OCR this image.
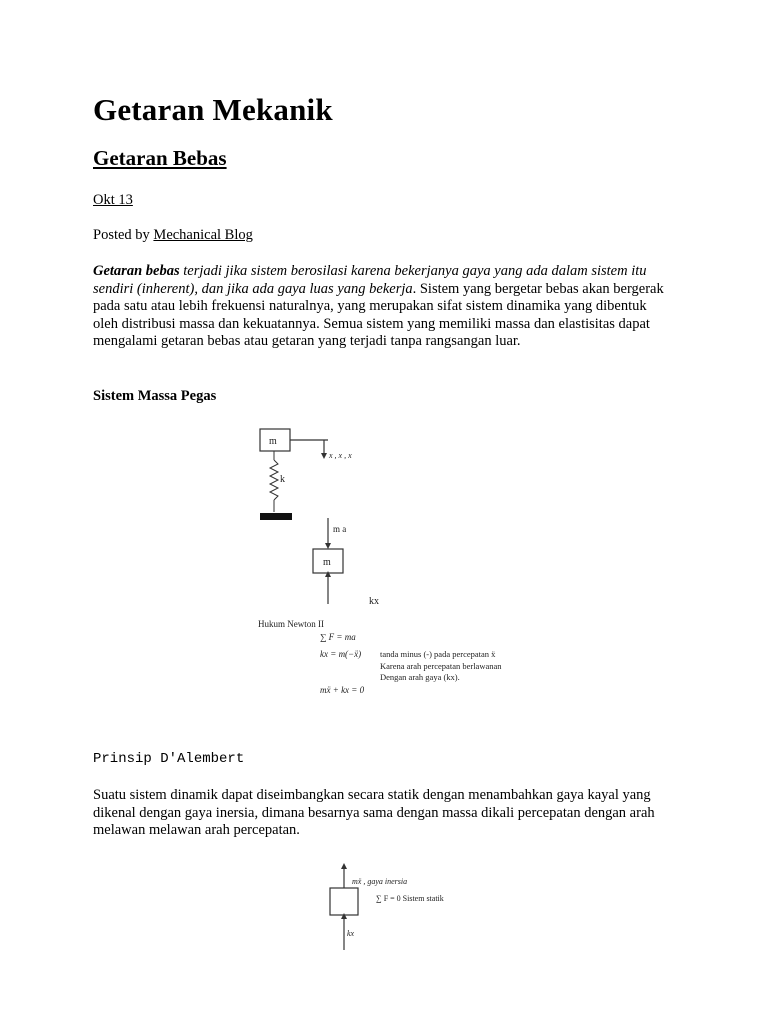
Getaran Mekanik
Getaran Bebas

Okt 13

Posted by Mechanical Blog

Getaran bebas terjadi jika sistem berosilasi karena bekerjanya gaya yang ada dalam sistem itu sendiri (inherent), dan jika ada gaya luas yang bekerja. Sistem yang bergetar bebas akan bergerak pada satu atau lebih frekuensi naturalnya, yang merupakan sifat sistem dinamika yang dibentuk oleh distribusi massa dan kekuatannya. Semua sistem yang memiliki massa dan elastisitas dapat mengalami getaran bebas atau getaran yang terjadi tanpa rangsangan luar.

Sistem Massa Pegas

Prinsip D'Alembert

Suatu sistem dinamik dapat diseimbangkan secara statik dengan menambahkan gaya kayal yang dikenal dengan gaya inersia, dimana besarnya sama dengan massa dikali percepatan dengan arah melawan melawan arah percepatan.

m
x , x , x
k
m a
m
kx
Hukum Newton II
∑ F = ma
kx = m(−ẍ)
mẍ + kx = 0
tanda minus (-) pada percepatan ẍ
Karena arah percepatan berlawanan
Dengan arah gaya (kx).
mẍ , gaya inersia
∑ F = 0 Sistem statik
kx
